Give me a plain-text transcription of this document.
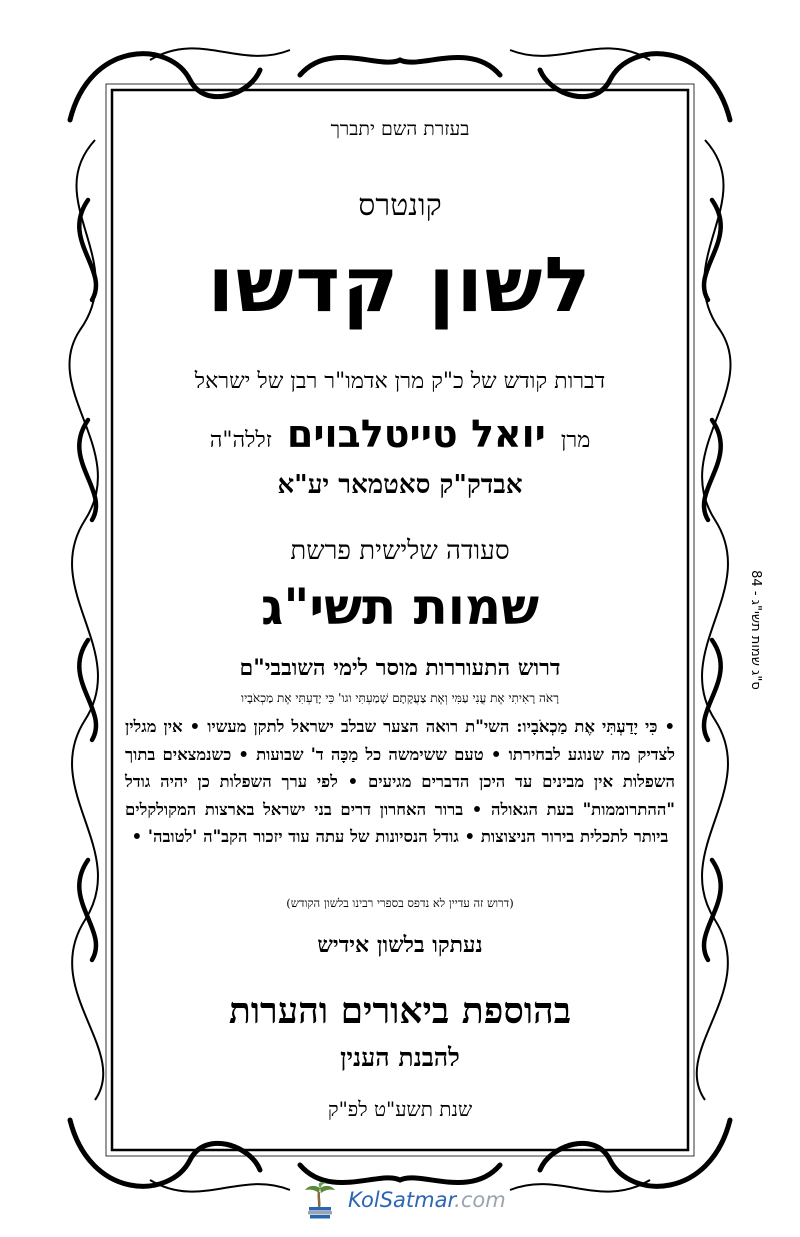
בעזרת השם יתברך
קונטרס
לשון קדשו
דברות קודש של כ"ק מרן אדמו"ר רבן של ישראל
מרן יואל טייטלבוים זללה"ה
אבדק"ק סאטמאר יע"א
סעודה שלישית פרשת
שמות תשי"ג
דרוש התעוררות מוסר לימי השובבי"ם
רָאֹה רָאִיתִי אֶת עֳנִי עַמִּי וְאֶת צַעֲקָתָם שָׁמַעְתִּי וגו' כִּי יָדַעְתִּי אֶת מַכְאֹבָיו
• כִּי יָדַעְתִּי אֶת מַכְאֹבָיו: השי"ת רואה הצער שבלב ישראל לתקן מעשיו • אין מגלין לצדיק מה שנוגע לבחירתו • טעם ששימשה כל מַכָּה ד' שבועות • כשנמצאים בתוך השפלות אין מבינים עד היכן הדברים מגיעים • לפי ערך השפלות כן יהיה גודל "ההתרוממות" בעת הגאולה • ברור האחרון דרים בני ישראל בארצות המקולקלים ביותר לתכלית בירור הניצוצות • גודל הנסיונות של עתה עוד יזכור הקב"ה 'לטובה' •
(דרוש זה עדיין לא נדפס בספרי רבינו בלשון הקודש)
נעתקו בלשון אידיש
בהוספת ביאורים והערות
להבנת הענין
שנת תשע"ט לפ"ק
ס"ג שמות תשי"ג - 84
KolSatmar.com
